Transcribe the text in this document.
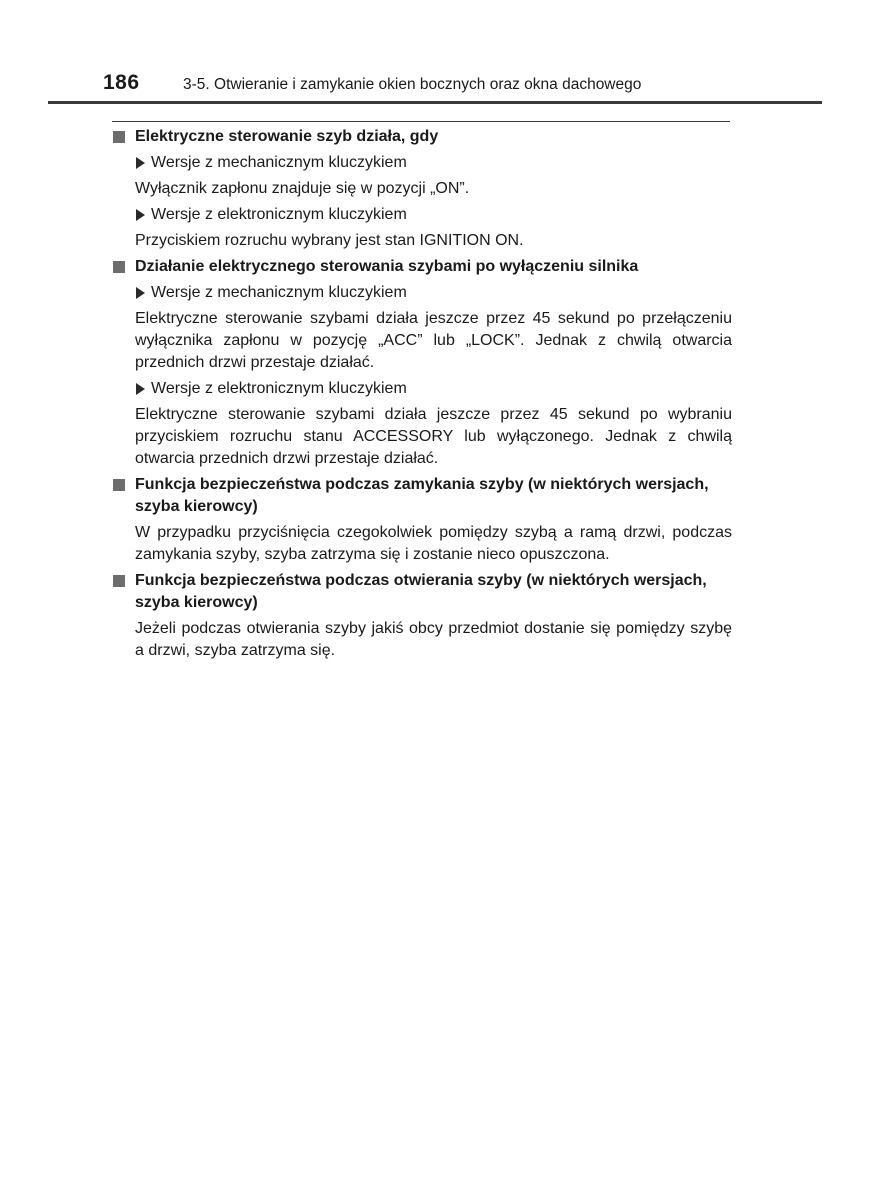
186	3-5. Otwieranie i zamykanie okien bocznych oraz okna dachowego
Elektryczne sterowanie szyb działa, gdy
Wersje z mechanicznym kluczykiem
Wyłącznik zapłonu znajduje się w pozycji „ON”.
Wersje z elektronicznym kluczykiem
Przyciskiem rozruchu wybrany jest stan IGNITION ON.
Działanie elektrycznego sterowania szybami po wyłączeniu silnika
Wersje z mechanicznym kluczykiem
Elektryczne sterowanie szybami działa jeszcze przez 45 sekund po przełączeniu wyłącznika zapłonu w pozycję „ACC” lub „LOCK”. Jednak z chwilą otwarcia przednich drzwi przestaje działać.
Wersje z elektronicznym kluczykiem
Elektryczne sterowanie szybami działa jeszcze przez 45 sekund po wybraniu przyciskiem rozruchu stanu ACCESSORY lub wyłączonego. Jednak z chwilą otwarcia przednich drzwi przestaje działać.
Funkcja bezpieczeństwa podczas zamykania szyby (w niektórych wersjach, szyba kierowcy)
W przypadku przyciśnięcia czegokolwiek pomiędzy szybą a ramą drzwi, podczas zamykania szyby, szyba zatrzyma się i zostanie nieco opuszczona.
Funkcja bezpieczeństwa podczas otwierania szyby (w niektórych wersjach, szyba kierowcy)
Jeżeli podczas otwierania szyby jakiś obcy przedmiot dostanie się pomiędzy szybę a drzwi, szyba zatrzyma się.
